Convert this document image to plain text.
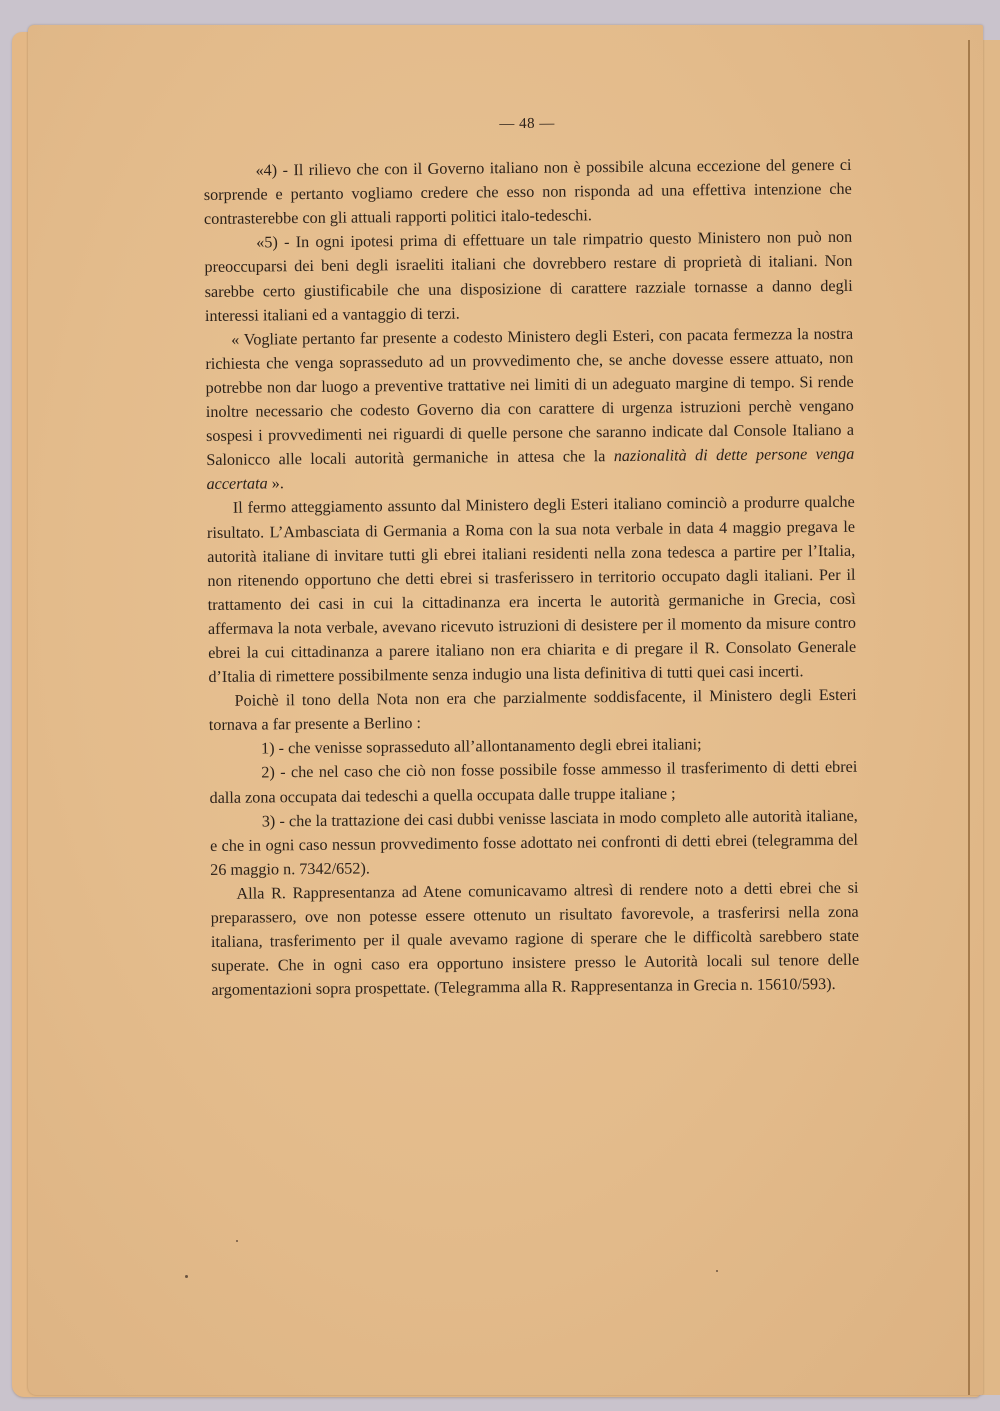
— 48 —

«4) - Il rilievo che con il Governo italiano non è possibile alcuna eccezione del genere ci sorprende e pertanto vogliamo credere che esso non risponda ad una effettiva intenzione che contrasterebbe con gli attuali rapporti politici italo-tedeschi.

«5) - In ogni ipotesi prima di effettuare un tale rimpatrio questo Ministero non può non preoccuparsi dei beni degli israeliti italiani che dovrebbero restare di proprietà di italiani. Non sarebbe certo giustificabile che una disposizione di carattere razziale tornasse a danno degli interessi italiani ed a vantaggio di terzi.

« Vogliate pertanto far presente a codesto Ministero degli Esteri, con pacata fermezza la nostra richiesta che venga soprasseduto ad un provvedimento che, se anche dovesse essere attuato, non potrebbe non dar luogo a preventive trattative nei limiti di un adeguato margine di tempo. Si rende inoltre necessario che codesto Governo dia con carattere di urgenza istruzioni perchè vengano sospesi i provvedimenti nei riguardi di quelle persone che saranno indicate dal Console Italiano a Salonicco alle locali autorità germaniche in attesa che la nazionalità di dette persone venga accertata ».

Il fermo atteggiamento assunto dal Ministero degli Esteri italiano cominciò a produrre qualche risultato. L’Ambasciata di Germania a Roma con la sua nota verbale in data 4 maggio pregava le autorità italiane di invitare tutti gli ebrei italiani residenti nella zona tedesca a partire per l’Italia, non ritenendo opportuno che detti ebrei si trasferissero in territorio occupato dagli italiani. Per il trattamento dei casi in cui la cittadinanza era incerta le autorità germaniche in Grecia, così affermava la nota verbale, avevano ricevuto istruzioni di desistere per il momento da misure contro ebrei la cui cittadinanza a parere italiano non era chiarita e di pregare il R. Consolato Generale d’Italia di rimettere possibilmente senza indugio una lista definitiva di tutti quei casi incerti.

Poichè il tono della Nota non era che parzialmente soddisfacente, il Ministero degli Esteri tornava a far presente a Berlino :

1) - che venisse soprasseduto all’allontanamento degli ebrei italiani;

2) - che nel caso che ciò non fosse possibile fosse ammesso il trasferimento di detti ebrei dalla zona occupata dai tedeschi a quella occupata dalle truppe italiane ;

3) - che la trattazione dei casi dubbi venisse lasciata in modo completo alle autorità italiane, e che in ogni caso nessun provvedimento fosse adottato nei confronti di detti ebrei (telegramma del 26 maggio n. 7342/652).

Alla R. Rappresentanza ad Atene comunicavamo altresì di rendere noto a detti ebrei che si preparassero, ove non potesse essere ottenuto un risultato favorevole, a trasferirsi nella zona italiana, trasferimento per il quale avevamo ragione di sperare che le difficoltà sarebbero state superate. Che in ogni caso era opportuno insistere presso le Autorità locali sul tenore delle argomentazioni sopra prospettate. (Telegramma alla R. Rappresentanza in Grecia n. 15610/593).
